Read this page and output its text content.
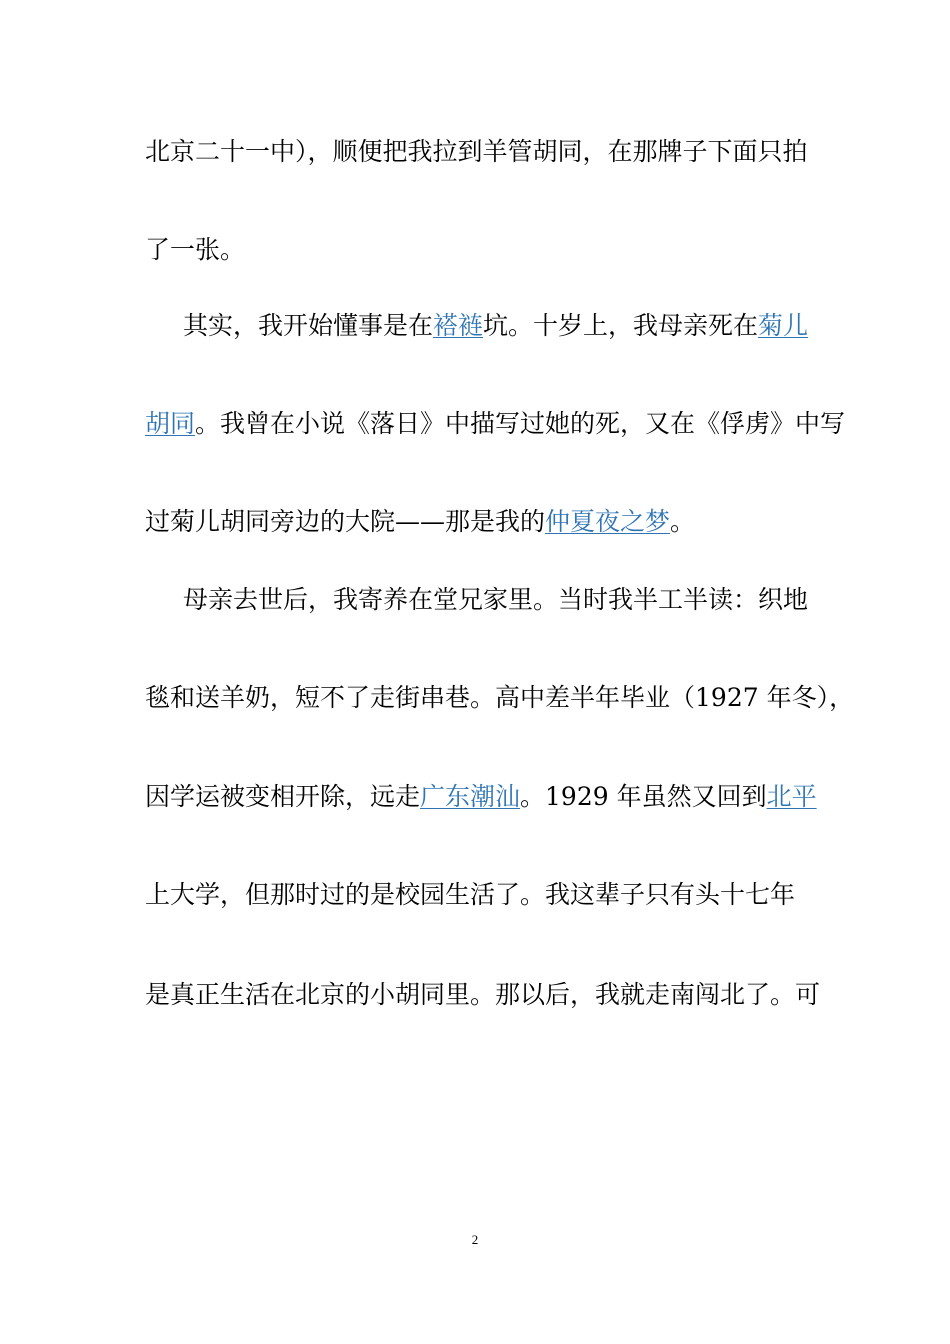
北京二十一中），顺便把我拉到羊管胡同，在那牌子下面只拍
了一张。
其实，我开始懂事是在褡裢坑。十岁上，我母亲死在菊儿
胡同。我曾在小说《落日》中描写过她的死，又在《俘虏》中写
过菊儿胡同旁边的大院——那是我的仲夏夜之梦。
母亲去世后，我寄养在堂兄家里。当时我半工半读：织地
毯和送羊奶，短不了走街串巷。高中差半年毕业（1927 年冬），
因学运被变相开除，远走广东潮汕。1929 年虽然又回到北平
上大学，但那时过的是校园生活了。我这辈子只有头十七年
是真正生活在北京的小胡同里。那以后，我就走南闯北了。可
2
